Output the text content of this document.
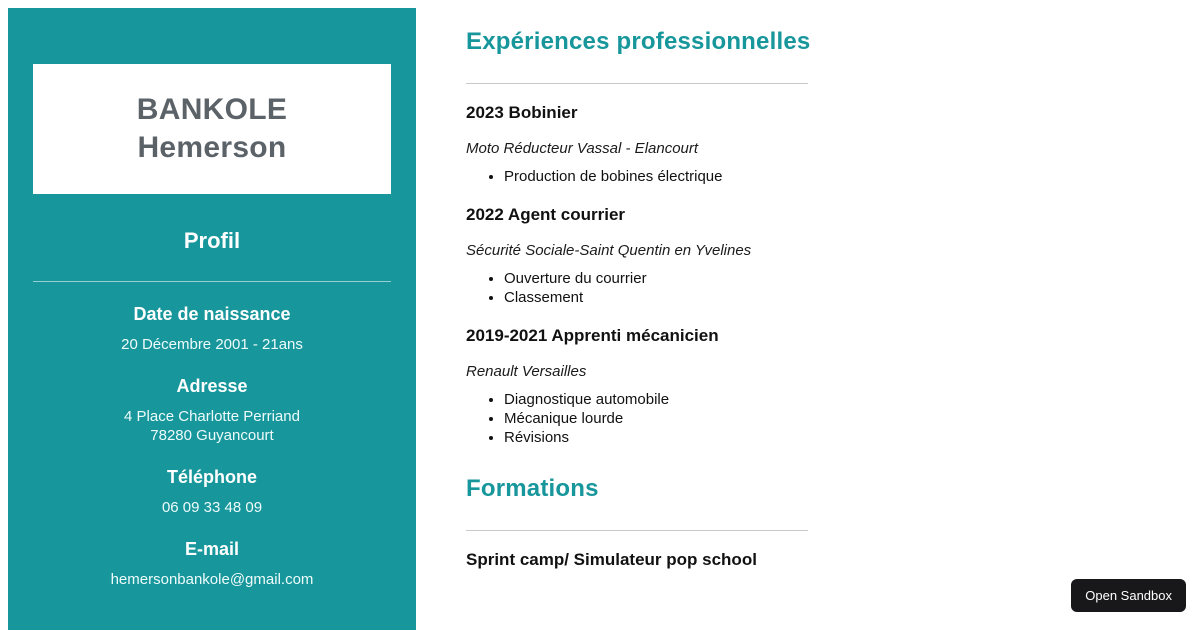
BANKOLE
Hemerson
Profil
Date de naissance
20 Décembre 2001 - 21ans
Adresse
4 Place Charlotte Perriand
78280 Guyancourt
Téléphone
06 09 33 48 09
E-mail
hemersonbankole@gmail.com
Expériences professionnelles
2023 Bobinier
Moto Réducteur Vassal - Elancourt
• Production de bobines électrique
2022 Agent courrier
Sécurité Sociale-Saint Quentin en Yvelines
• Ouverture du courrier
• Classement
2019-2021 Apprenti mécanicien
Renault Versailles
• Diagnostique automobile
• Mécanique lourde
• Révisions
Formations
Sprint camp/ Simulateur pop school
Open Sandbox
